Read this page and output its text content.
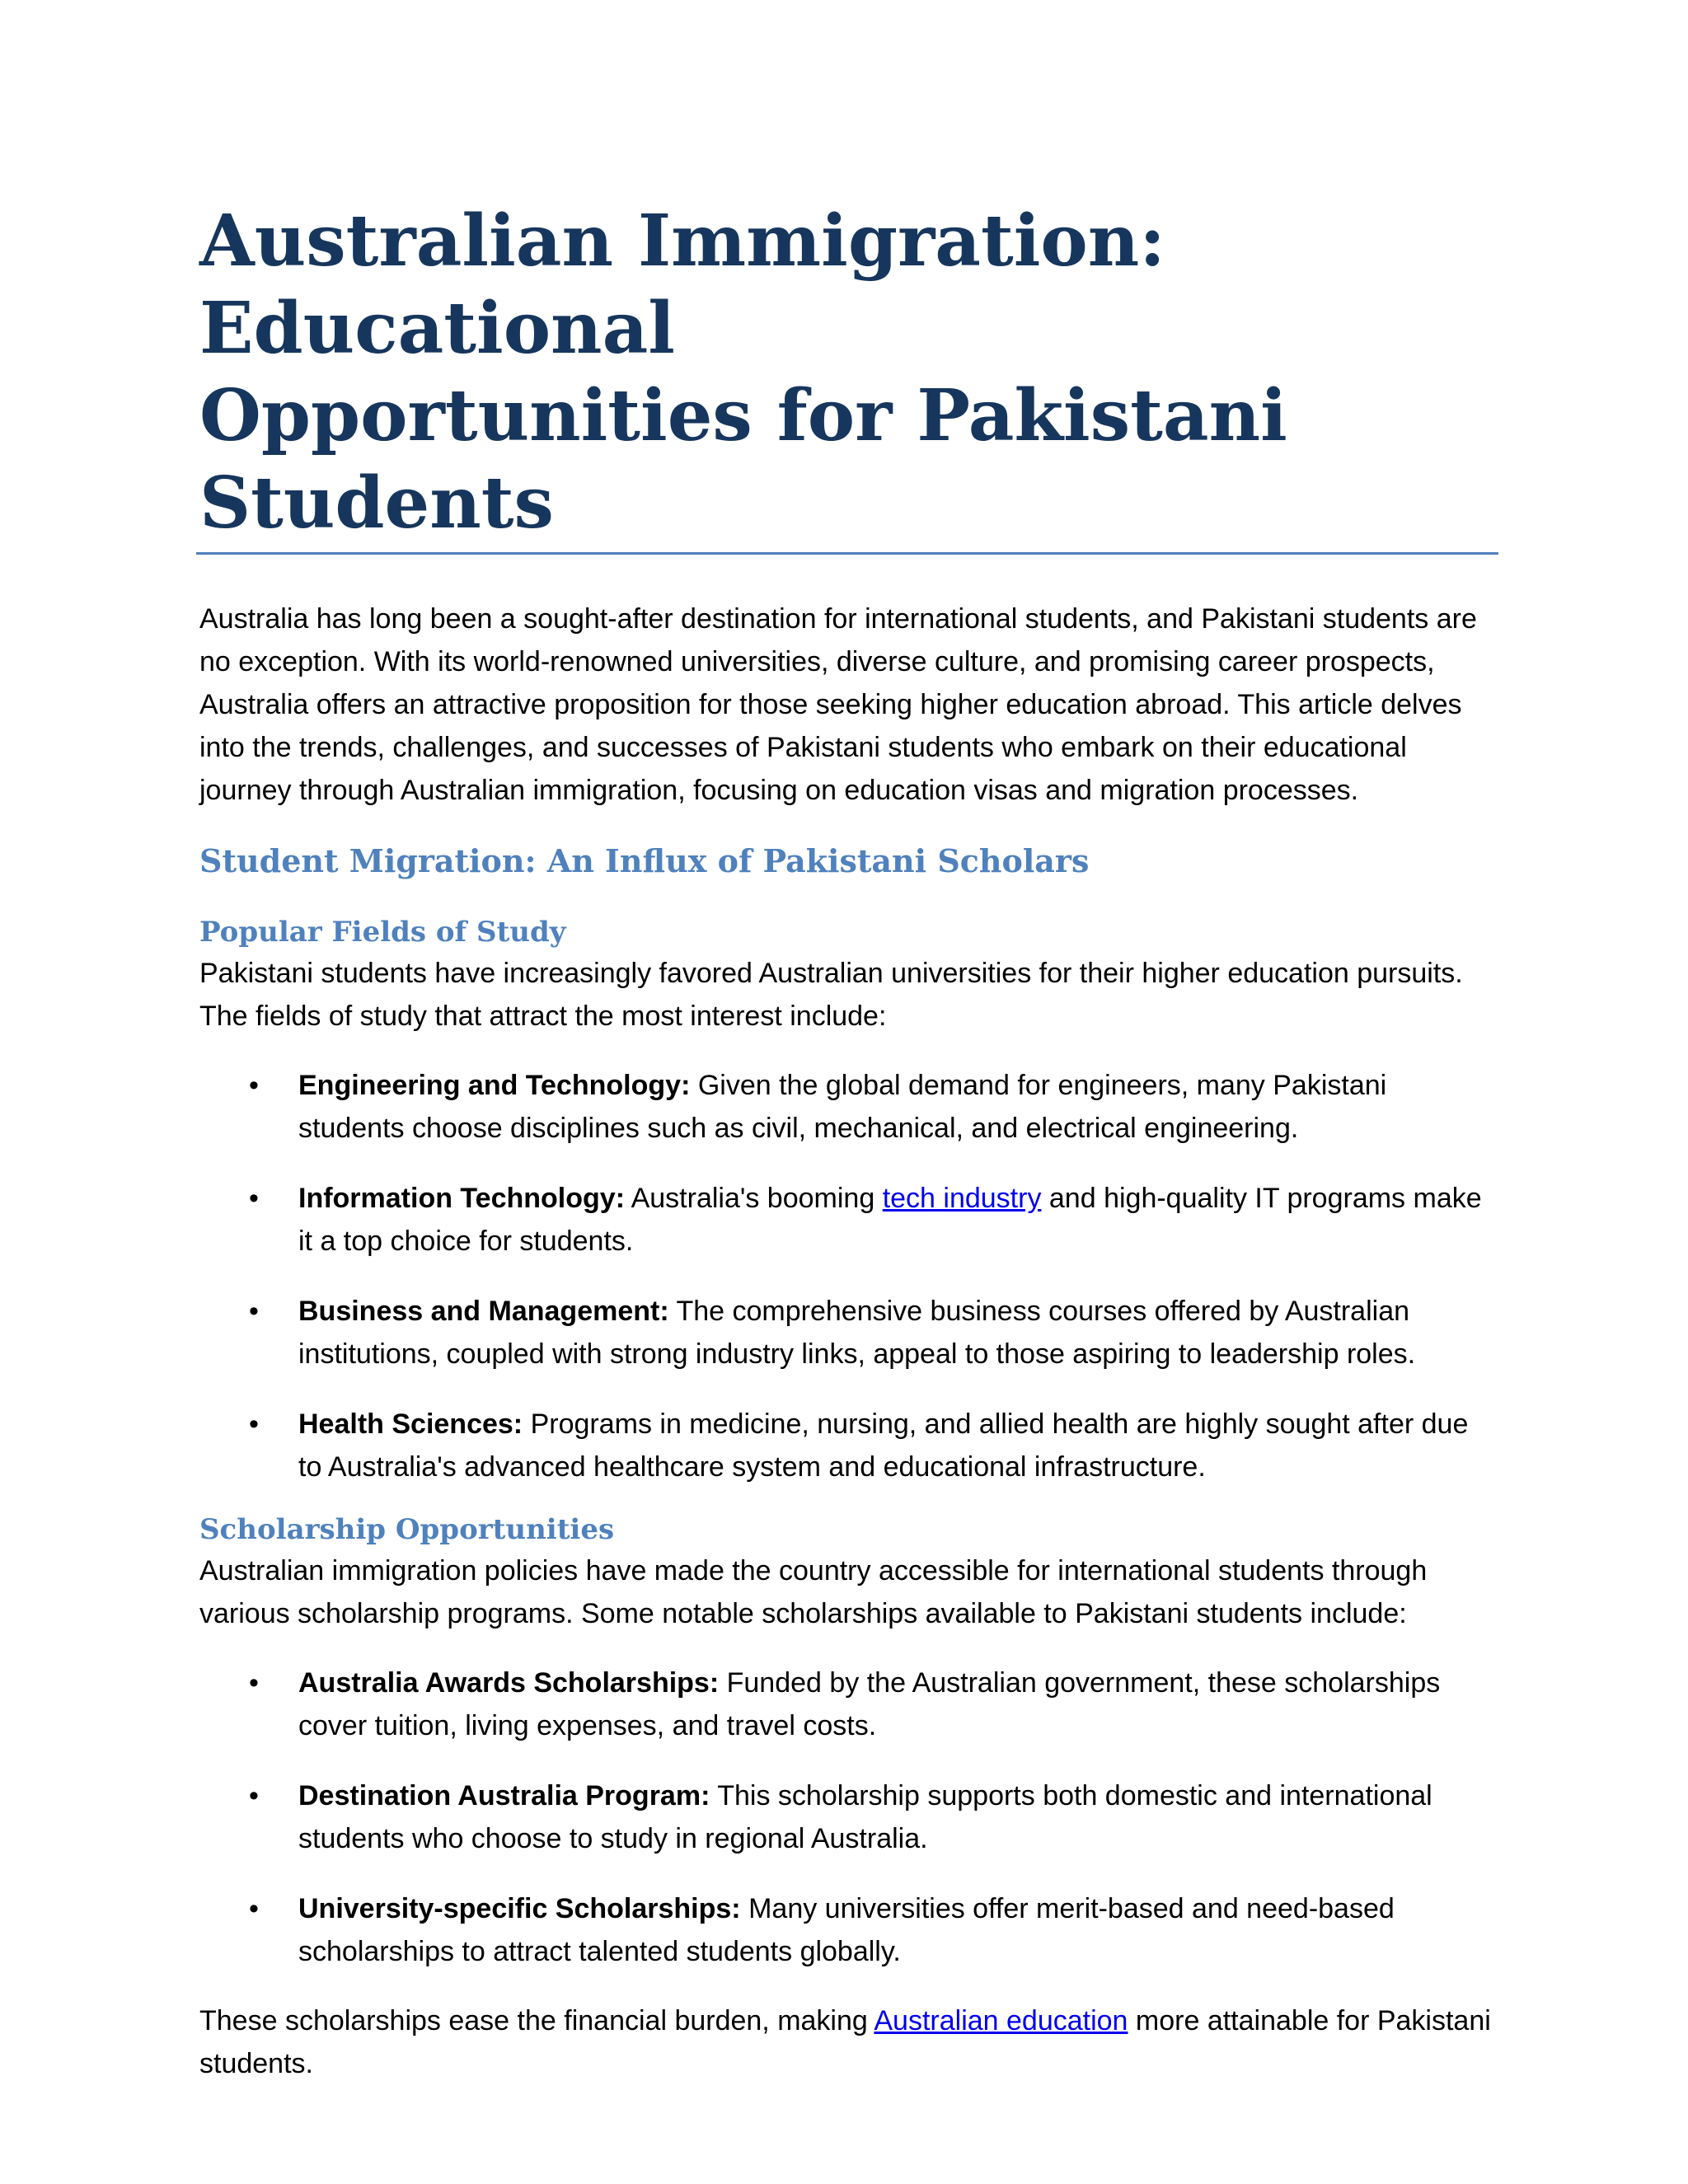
Australian Immigration: Educational
Opportunities for Pakistani Students

Australia has long been a sought-after destination for international students, and Pakistani students are no exception. With its world-renowned universities, diverse culture, and promising career prospects, Australia offers an attractive proposition for those seeking higher education abroad. This article delves into the trends, challenges, and successes of Pakistani students who embark on their educational journey through Australian immigration, focusing on education visas and migration processes.

Student Migration: An Influx of Pakistani Scholars
Popular Fields of Study

Pakistani students have increasingly favored Australian universities for their higher education pursuits. The fields of study that attract the most interest include:

• Engineering and Technology: Given the global demand for engineers, many Pakistani students choose disciplines such as civil, mechanical, and electrical engineering.
• Information Technology: Australia's booming tech industry and high-quality IT programs make it a top choice for students.
• Business and Management: The comprehensive business courses offered by Australian institutions, coupled with strong industry links, appeal to those aspiring to leadership roles.
• Health Sciences: Programs in medicine, nursing, and allied health are highly sought after due to Australia's advanced healthcare system and educational infrastructure.
Scholarship Opportunities

Australian immigration policies have made the country accessible for international students through various scholarship programs. Some notable scholarships available to Pakistani students include:

• Australia Awards Scholarships: Funded by the Australian government, these scholarships cover tuition, living expenses, and travel costs.
• Destination Australia Program: This scholarship supports both domestic and international students who choose to study in regional Australia.
• University-specific Scholarships: Many universities offer merit-based and need-based scholarships to attract talented students globally.

These scholarships ease the financial burden, making Australian education more attainable for Pakistani students.
